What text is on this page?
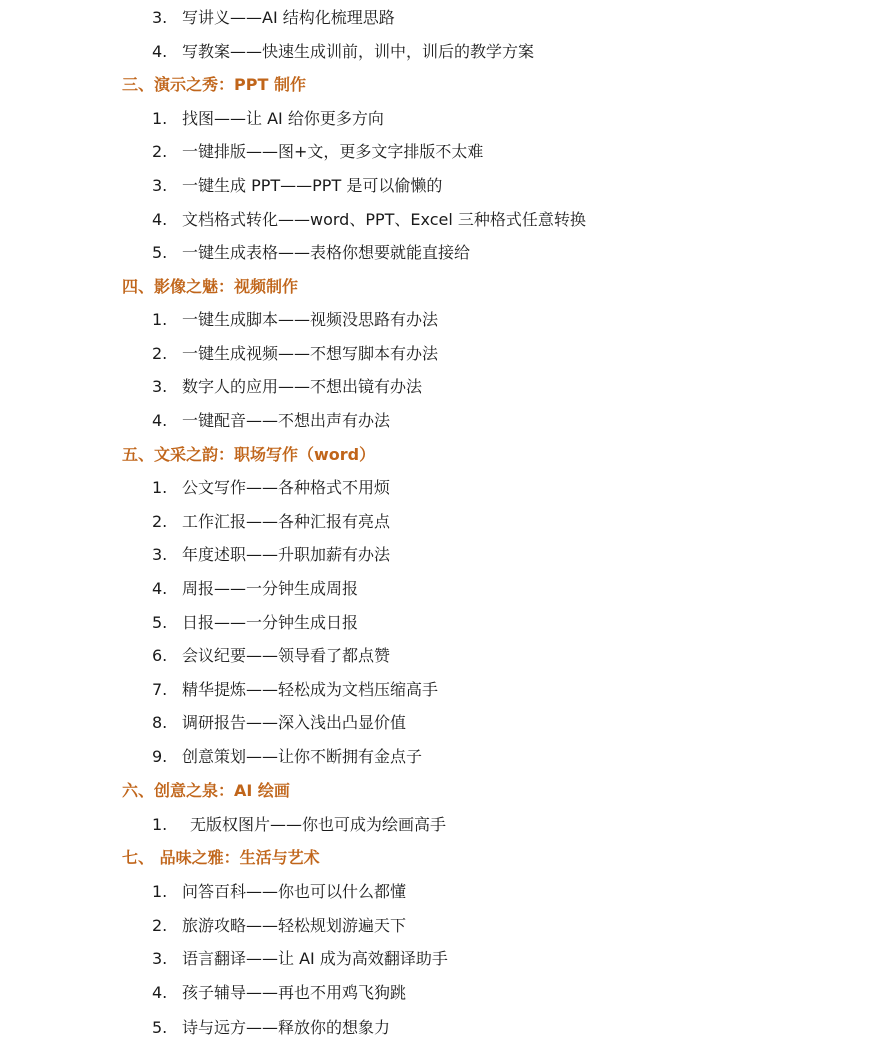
3. 写讲义——AI 结构化梳理思路
4. 写教案——快速生成训前，训中，训后的教学方案
三、演示之秀：PPT 制作
1. 找图——让 AI 给你更多方向
2. 一键排版——图+文，更多文字排版不太难
3. 一键生成 PPT——PPT 是可以偷懒的
4. 文档格式转化——word、PPT、Excel 三种格式任意转换
5. 一键生成表格——表格你想要就能直接给
四、影像之魅：视频制作
1. 一键生成脚本——视频没思路有办法
2. 一键生成视频——不想写脚本有办法
3. 数字人的应用——不想出镜有办法
4. 一键配音——不想出声有办法
五、文采之韵：职场写作（word）
1. 公文写作——各种格式不用烦
2. 工作汇报——各种汇报有亮点
3. 年度述职——升职加薪有办法
4. 周报——一分钟生成周报
5. 日报——一分钟生成日报
6. 会议纪要——领导看了都点赞
7. 精华提炼——轻松成为文档压缩高手
8. 调研报告——深入浅出凸显价值
9. 创意策划——让你不断拥有金点子
六、创意之泉：AI 绘画
1.	无版权图片——你也可成为绘画高手
七、 品味之雅：生活与艺术
1. 问答百科——你也可以什么都懂
2. 旅游攻略——轻松规划游遍天下
3. 语言翻译——让 AI 成为高效翻译助手
4. 孩子辅导——再也不用鸡飞狗跳
5. 诗与远方——释放你的想象力
